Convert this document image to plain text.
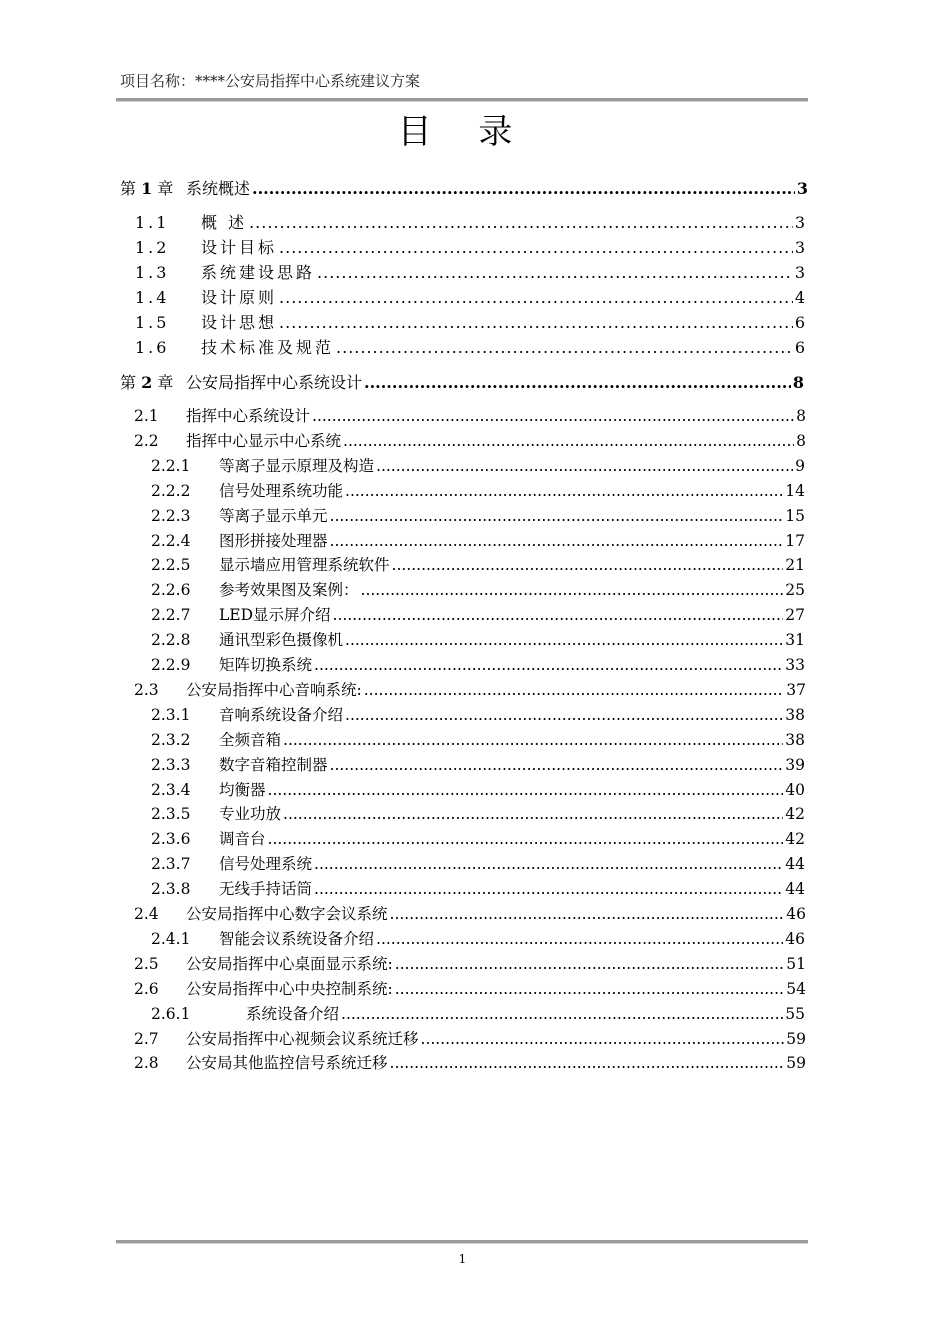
项目名称：****公安局指挥中心系统建议方案
目 录
第 1 章 系统概述 .....	3
1.1	概 述 .....	3
1.2	设计目标 .....	3
1.3	系统建设思路 .....	3
1.4	设计原则 .....	4
1.5	设计思想 .....	6
1.6	技术标准及规范 .....	6
第 2 章 公安局指挥中心系统设计 .....	8
2.1	指挥中心系统设计 .....	8
2.2	指挥中心显示中心系统 .....	8
2.2.1	等离子显示原理及构造 .....	9
2.2.2	信号处理系统功能 .....	14
2.2.3	等离子显示单元 .....	15
2.2.4	图形拼接处理器 .....	17
2.2.5	显示墙应用管理系统软件 .....	21
2.2.6	参考效果图及案例： .....	25
2.2.7	LED显示屏介绍 .....	27
2.2.8	通讯型彩色摄像机 .....	31
2.2.9	矩阵切换系统 .....	33
2.3	公安局指挥中心音响系统: .....	37
2.3.1	音响系统设备介绍 .....	38
2.3.2	全频音箱 .....	38
2.3.3	数字音箱控制器 .....	39
2.3.4	均衡器 .....	40
2.3.5	专业功放 .....	42
2.3.6	调音台 .....	42
2.3.7	信号处理系统 .....	44
2.3.8	无线手持话筒 .....	44
2.4	公安局指挥中心数字会议系统 .....	46
2.4.1	智能会议系统设备介绍 .....	46
2.5	公安局指挥中心桌面显示系统: .....	51
2.6	公安局指挥中心中央控制系统: .....	54
2.6.1	系统设备介绍 .....	55
2.7	公安局指挥中心视频会议系统迁移 .....	59
2.8	公安局其他监控信号系统迁移 .....	59
1
